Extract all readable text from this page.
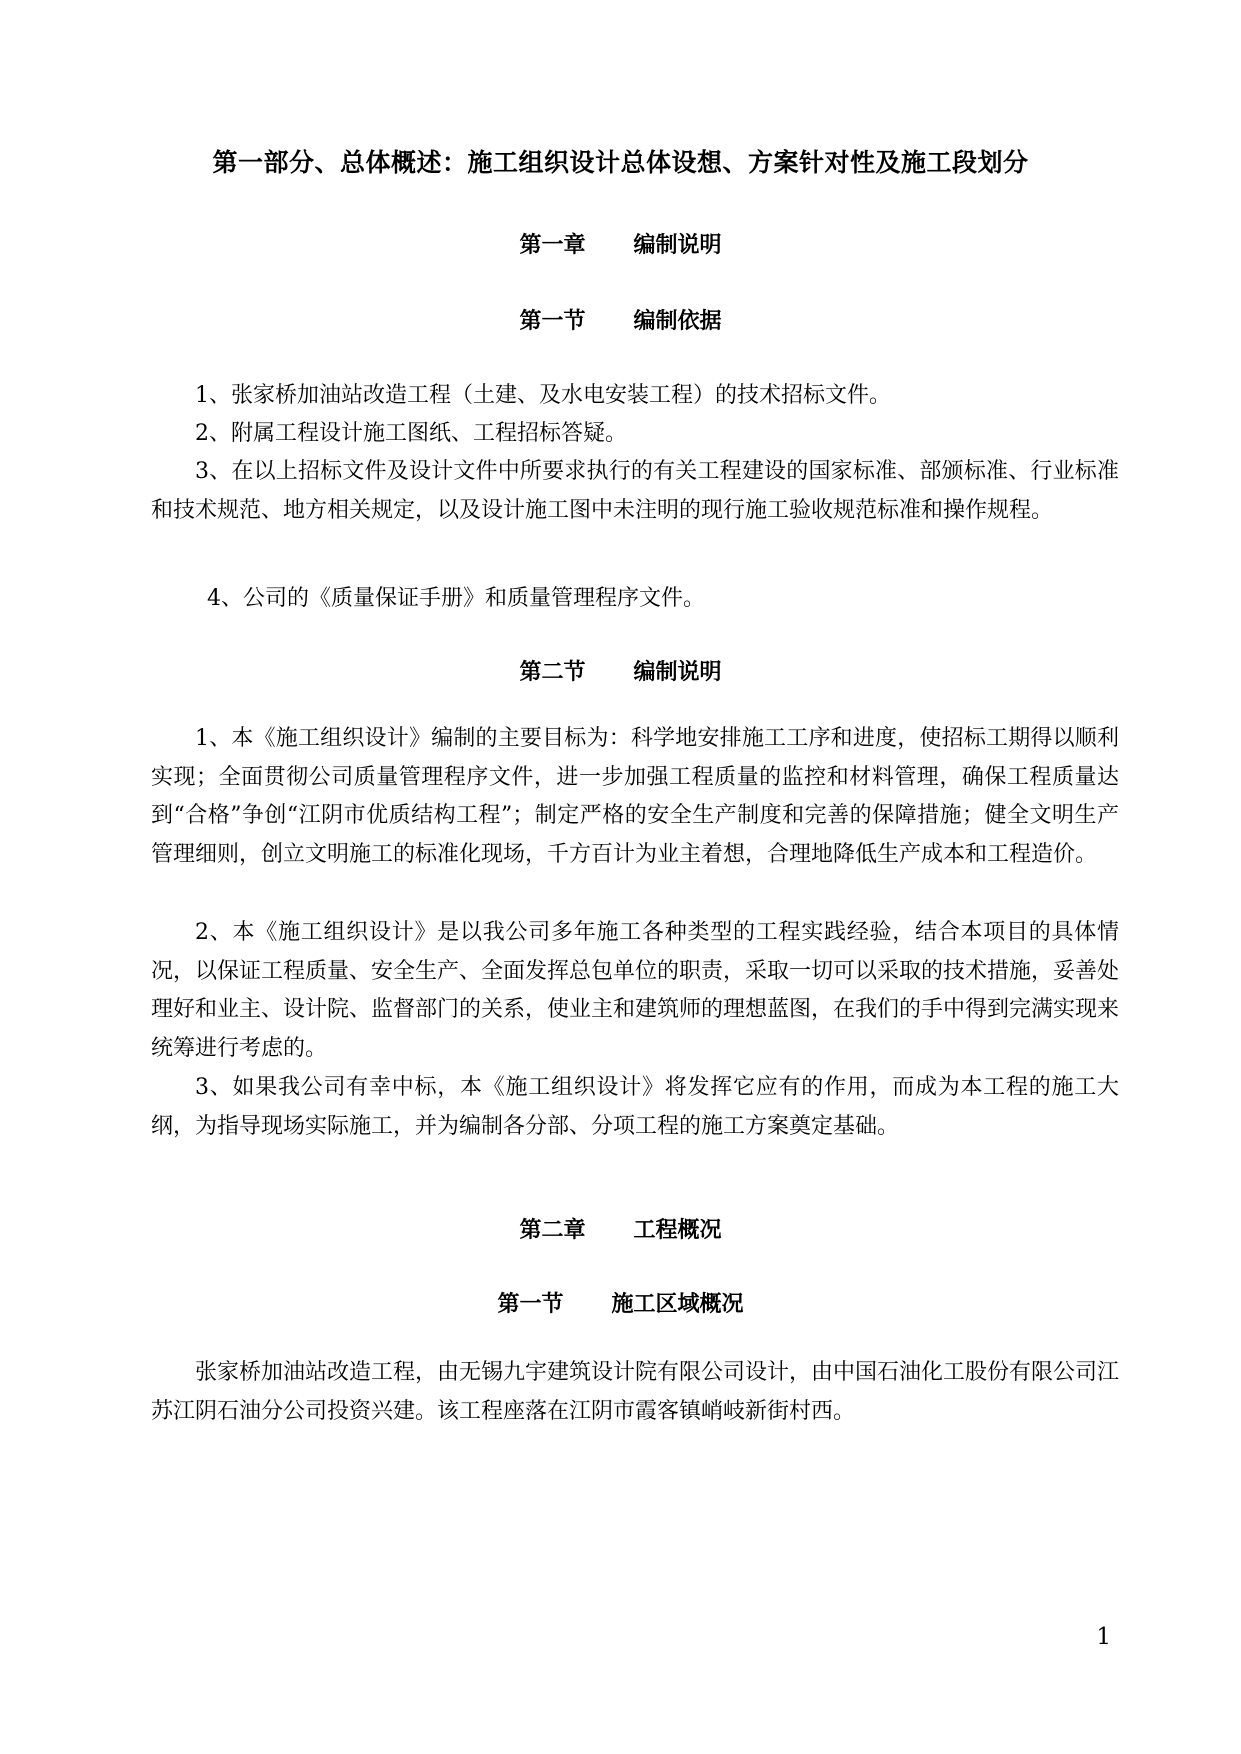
第一部分、总体概述：施工组织设计总体设想、方案针对性及施工段划分
第一章 编制说明
第一节 编制依据
1、张家桥加油站改造工程（土建、及水电安装工程）的技术招标文件。
2、附属工程设计施工图纸、工程招标答疑。
3、在以上招标文件及设计文件中所要求执行的有关工程建设的国家标准、部颁标准、行业标准和技术规范、地方相关规定，以及设计施工图中未注明的现行施工验收规范标准和操作规程。
4、公司的《质量保证手册》和质量管理程序文件。
第二节 编制说明
1、本《施工组织设计》编制的主要目标为：科学地安排施工工序和进度，使招标工期得以顺利实现；全面贯彻公司质量管理程序文件，进一步加强工程质量的监控和材料管理，确保工程质量达到“合格”争创“江阴市优质结构工程”；制定严格的安全生产制度和完善的保障措施；健全文明生产管理细则，创立文明施工的标准化现场，千方百计为业主着想，合理地降低生产成本和工程造价。
2、本《施工组织设计》是以我公司多年施工各种类型的工程实践经验，结合本项目的具体情况，以保证工程质量、安全生产、全面发挥总包单位的职责，采取一切可以采取的技术措施，妥善处理好和业主、设计院、监督部门的关系，使业主和建筑师的理想蓝图，在我们的手中得到完满实现来统筹进行考虑的。
3、如果我公司有幸中标，本《施工组织设计》将发挥它应有的作用，而成为本工程的施工大纲，为指导现场实际施工，并为编制各分部、分项工程的施工方案奠定基础。
第二章 工程概况
第一节 施工区域概况
张家桥加油站改造工程，由无锡九宇建筑设计院有限公司设计，由中国石油化工股份有限公司江苏江阴石油分公司投资兴建。该工程座落在江阴市霞客镇峭岐新街村西。
1
